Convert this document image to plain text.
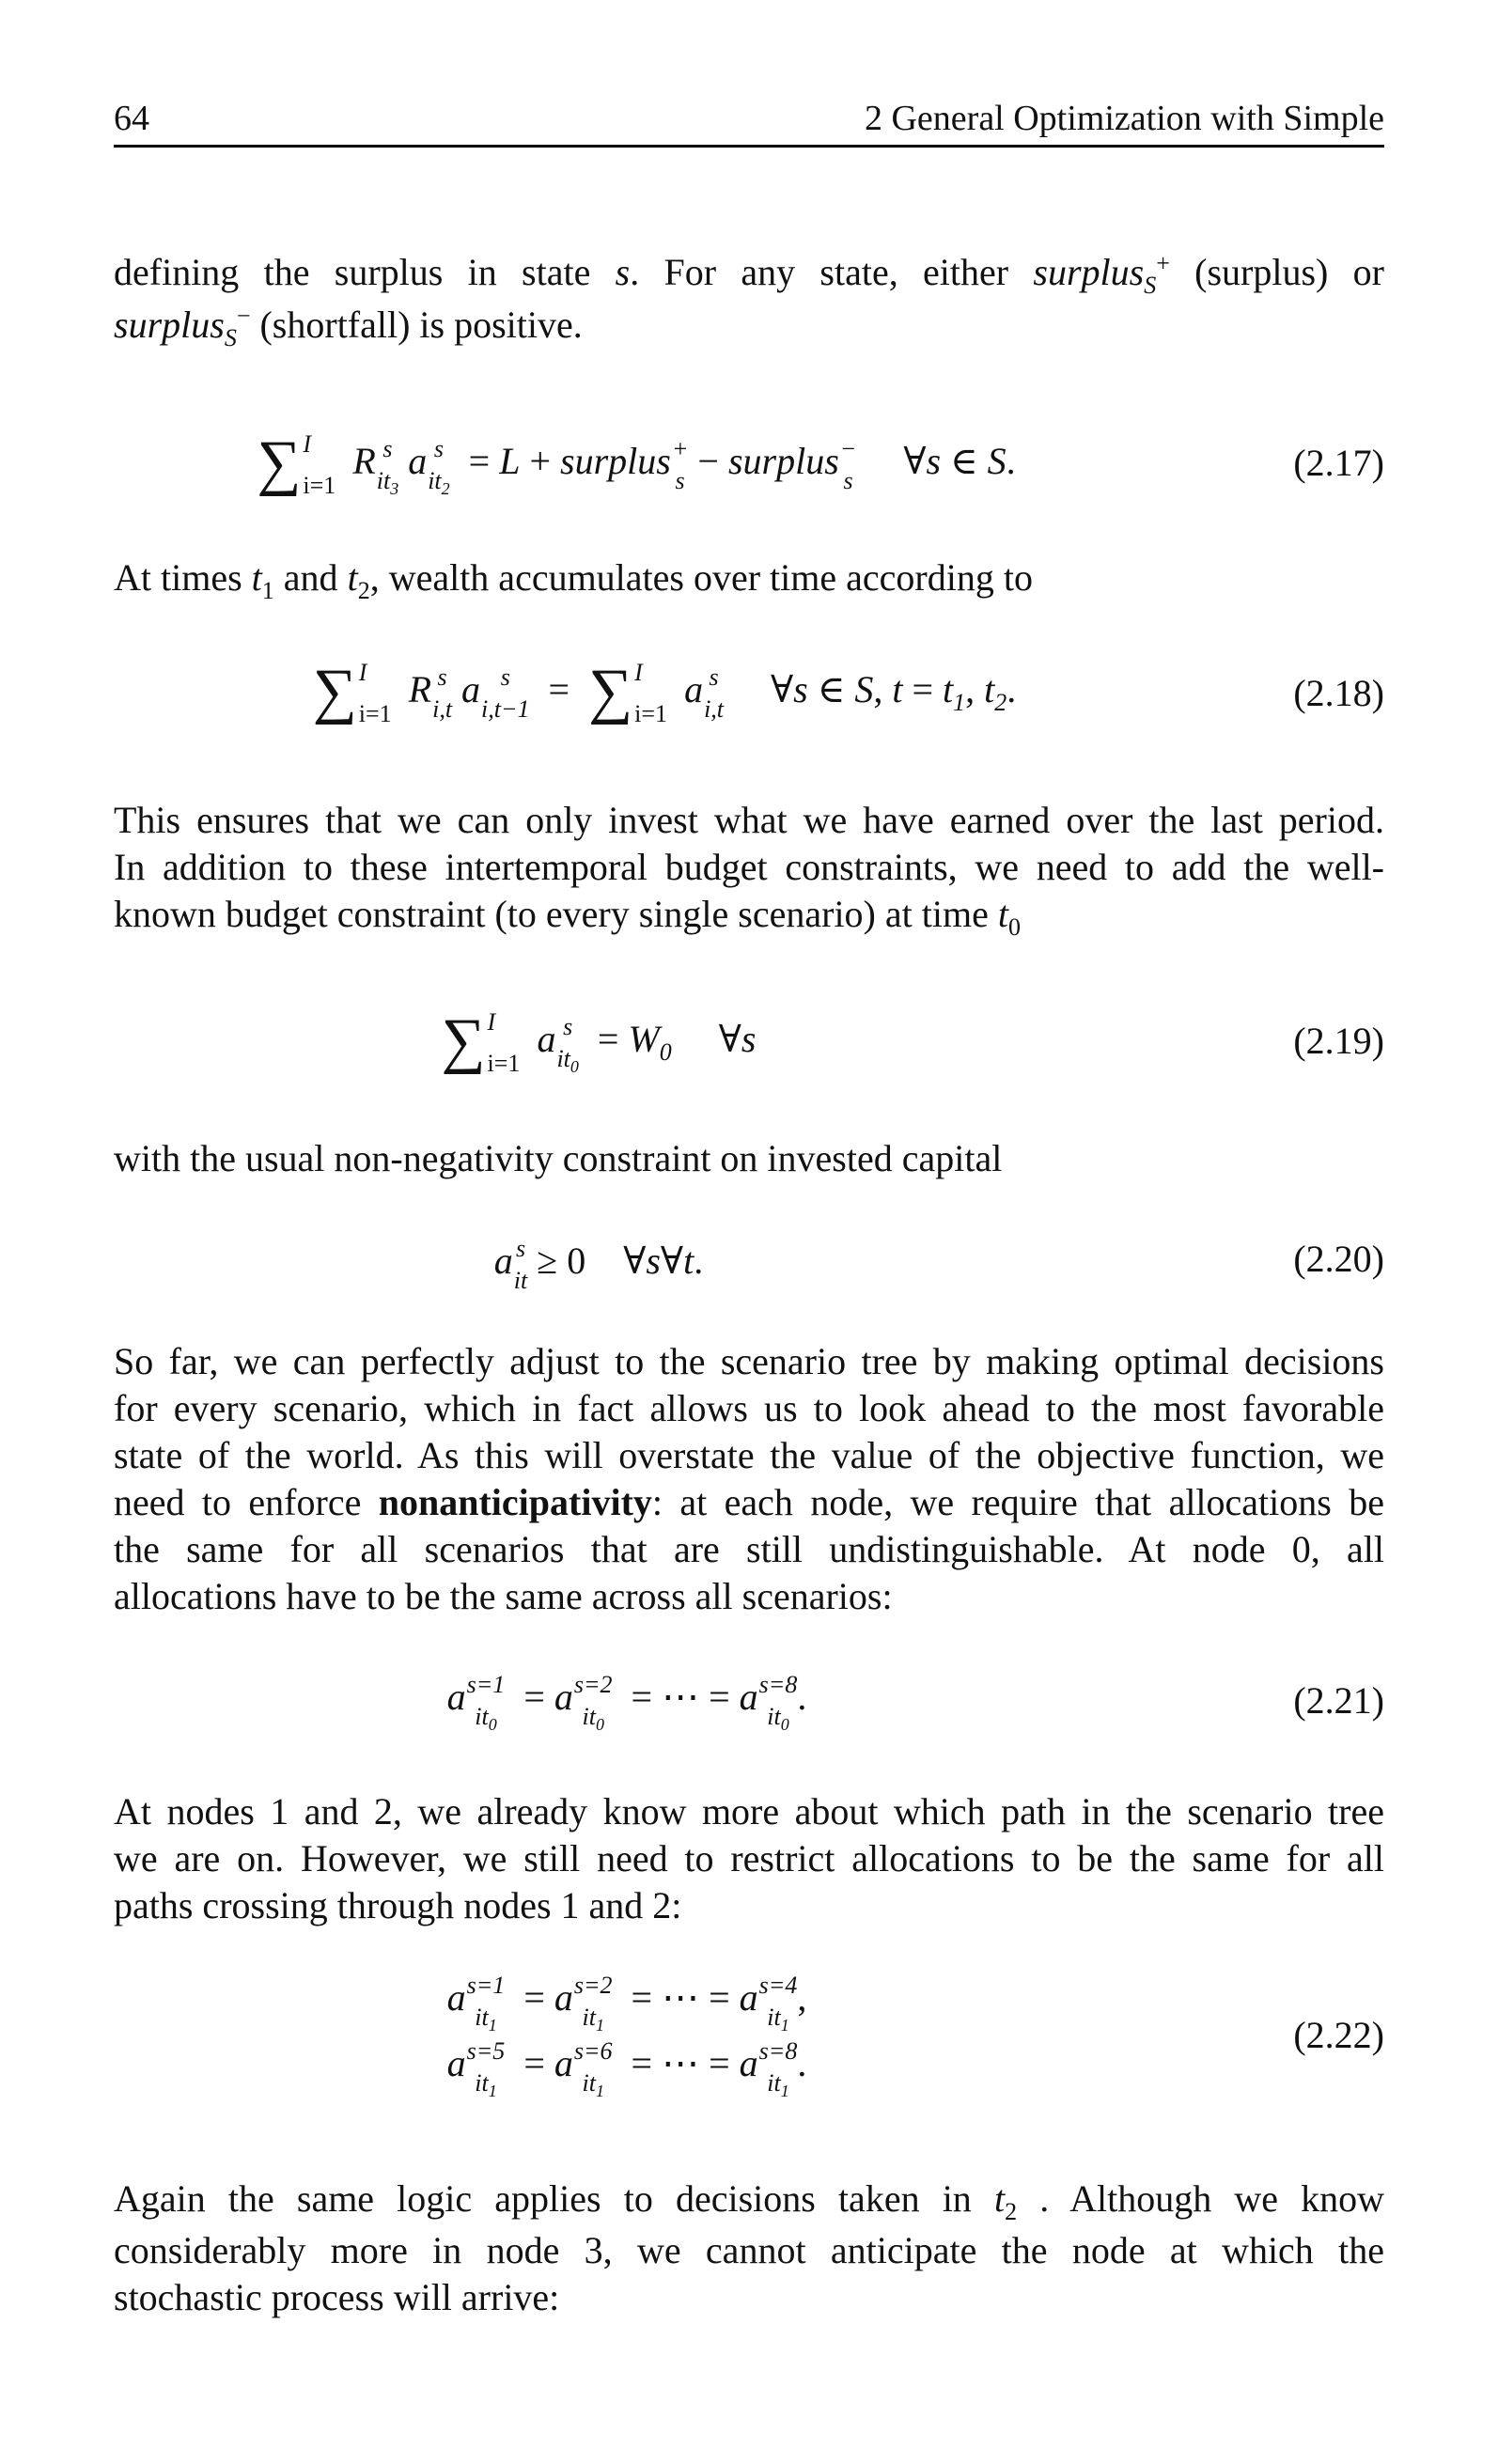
64	2 General Optimization with Simple
defining the surplus in state s. For any state, either surplus$_S$+ (surplus) or
surplus$_S$− (shortfall) is positive.
∑ I
i=1
R s
$it_3$
a s
$it_2$
= L + surplus +
s − surplus −
s ∀s ∈ S.	(2.17)
At times $t_1$ and $t_2$, wealth accumulates over time according to
∑ I
i=1
R s
i,t a s
i,t−1 =  ∑ I
i=1
a s
i,t ∀s ∈ S, $t = t_1$, $t_2$.	(2.18)
This ensures that we can only invest what we have earned over the last period.
In addition to these intertemporal budget constraints, we need to add the well-
known budget constraint (to every single scenario) at time $t_0$
∑ I
i=1
a s
$it_0$
= $W_0$ ∀s	(2.19)
with the usual non-negativity constraint on invested capital
a s
it ≥ 0 ∀s∀t.	(2.20)
So far, we can perfectly adjust to the scenario tree by making optimal decisions
for every scenario, which in fact allows us to look ahead to the most favorable
state of the world. As this will overstate the value of the objective function, we
need to enforce nonanticipativity: at each node, we require that allocations be
the same for all scenarios that are still undistinguishable. At node 0, all
allocations have to be the same across all scenarios:
a s=1
$it_0$
= a s=2
$it_0$
= ⋯ = a s=8
$it_0$
.	(2.21)
At nodes 1 and 2, we already know more about which path in the scenario tree
we are on. However, we still need to restrict allocations to be the same for all
paths crossing through nodes 1 and 2:
a s=1
$it_1$
= a s=2
$it_1$
= ⋯ = a s=4
$it_1$
,
a s=5
$it_1$
= a s=6
$it_1$
= ⋯ = a s=8
$it_1$
.
(2.22)
Again the same logic applies to decisions taken in $t_2$ . Although we know
considerably more in node 3, we cannot anticipate the node at which the
stochastic process will arrive:
